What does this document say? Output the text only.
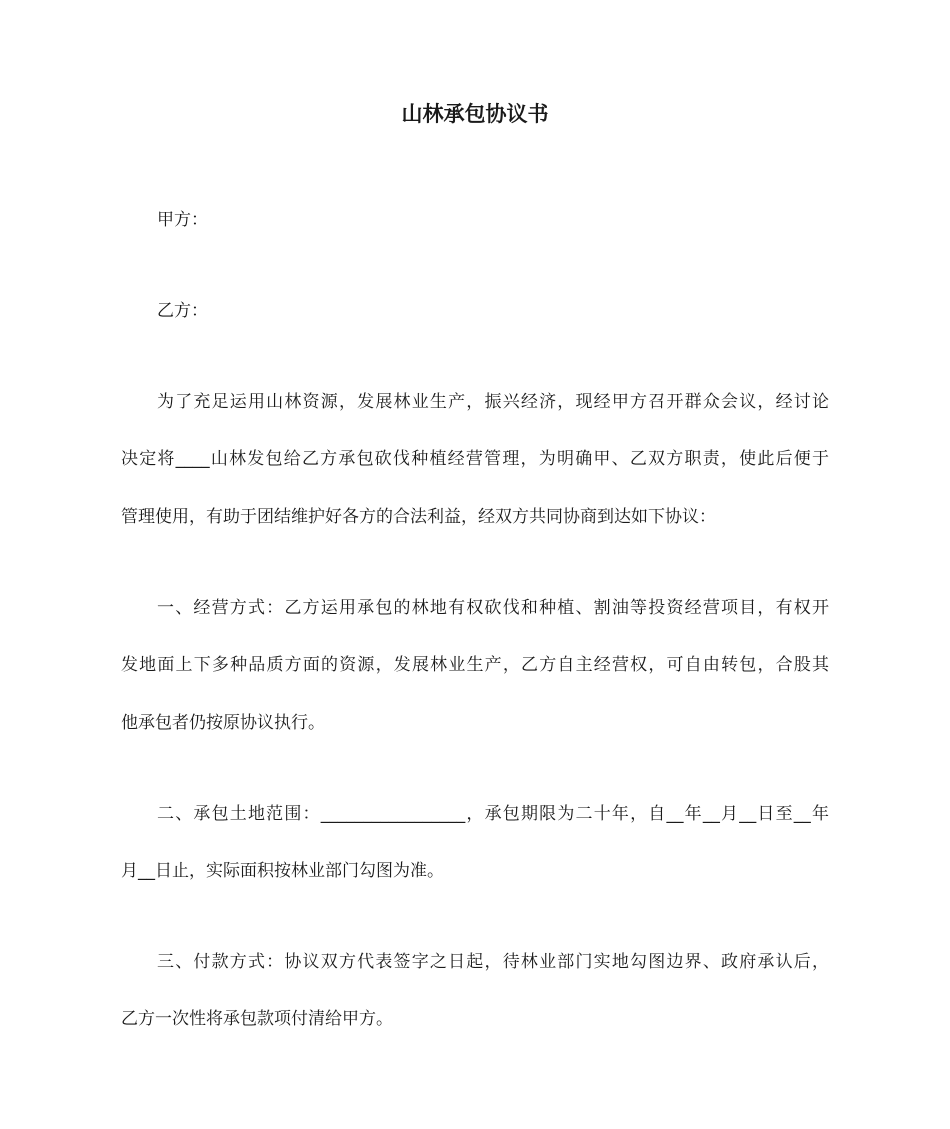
山林承包协议书
甲方：
乙方：
为了充足运用山林资源，发展林业生产，振兴经济，现经甲方召开群众会议，经讨论
决定将____山林发包给乙方承包砍伐种植经营管理，为明确甲、乙双方职责，使此后便于
管理使用，有助于团结维护好各方的合法利益，经双方共同协商到达如下协议：
一、经营方式：乙方运用承包的林地有权砍伐和种植、割油等投资经营项目，有权开
发地面上下多种品质方面的资源，发展林业生产，乙方自主经营权，可自由转包，合股其
他承包者仍按原协议执行。
二、承包土地范围：_________________，承包期限为二十年，自__年__月__日至__年
月__日止，实际面积按林业部门勾图为准。
三、付款方式：协议双方代表签字之日起，待林业部门实地勾图边界、政府承认后，
乙方一次性将承包款项付清给甲方。
